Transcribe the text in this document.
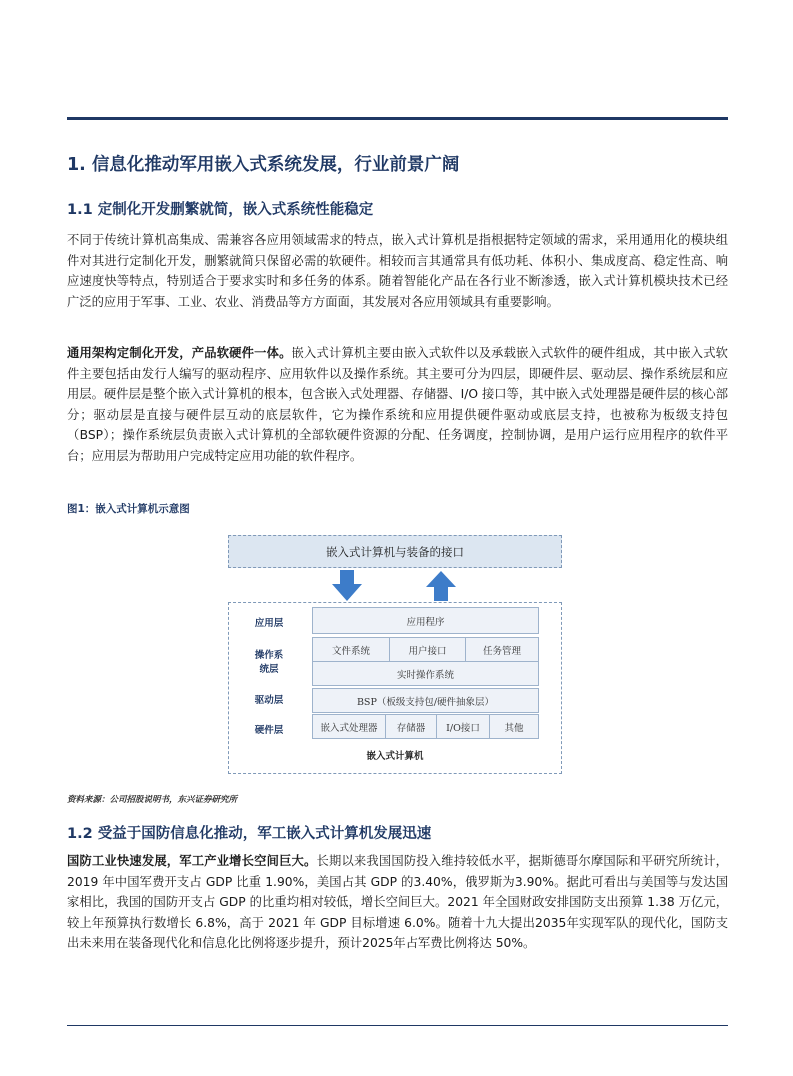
1. 信息化推动军用嵌入式系统发展，行业前景广阔
1.1 定制化开发删繁就简，嵌入式系统性能稳定

不同于传统计算机高集成、需兼容各应用领域需求的特点，嵌入式计算机是指根据特定领域的需求，采用通用化的模块组件对其进行定制化开发，删繁就简只保留必需的软硬件。相较而言其通常具有低功耗、体积小、集成度高、稳定性高、响应速度快等特点，特别适合于要求实时和多任务的体系。随着智能化产品在各行业不断渗透，嵌入式计算机模块技术已经广泛的应用于军事、工业、农业、消费品等方方面面，其发展对各应用领域具有重要影响。

通用架构定制化开发，产品软硬件一体。嵌入式计算机主要由嵌入式软件以及承载嵌入式软件的硬件组成，其中嵌入式软件主要包括由发行人编写的驱动程序、应用软件以及操作系统。其主要可分为四层，即硬件层、驱动层、操作系统层和应用层。硬件层是整个嵌入式计算机的根本，包含嵌入式处理器、存储器、I/O 接口等，其中嵌入式处理器是硬件层的核心部分；驱动层是直接与硬件层互动的底层软件，它为操作系统和应用提供硬件驱动或底层支持，也被称为板级支持包（BSP）；操作系统层负责嵌入式计算机的全部软硬件资源的分配、任务调度，控制协调，是用户运行应用程序的软件平台；应用层为帮助用户完成特定应用功能的软件程序。

图1：嵌入式计算机示意图
嵌入式计算机与装备的接口
应用层
操作系
统层
驱动层
硬件层
应用程序
文件系统	用户接口	任务管理
实时操作系统
BSP（板级支持包/硬件抽象层）
嵌入式处理器	存储器	I/O接口	其他
嵌入式计算机
资料来源：公司招股说明书，东兴证券研究所
1.2 受益于国防信息化推动，军工嵌入式计算机发展迅速

国防工业快速发展，军工产业增长空间巨大。长期以来我国国防投入维持较低水平，据斯德哥尔摩国际和平研究所统计，2019 年中国军费开支占 GDP 比重 1.90%，美国占其 GDP 的3.40%，俄罗斯为3.90%。据此可看出与美国等与发达国家相比，我国的国防开支占 GDP 的比重均相对较低，增长空间巨大。2021 年全国财政安排国防支出预算 1.38 万亿元，较上年预算执行数增长 6.8%，高于 2021 年 GDP 目标增速 6.0%。随着十九大提出2035年实现军队的现代化，国防支出未来用在装备现代化和信息化比例将逐步提升，预计2025年占军费比例将达 50%。
